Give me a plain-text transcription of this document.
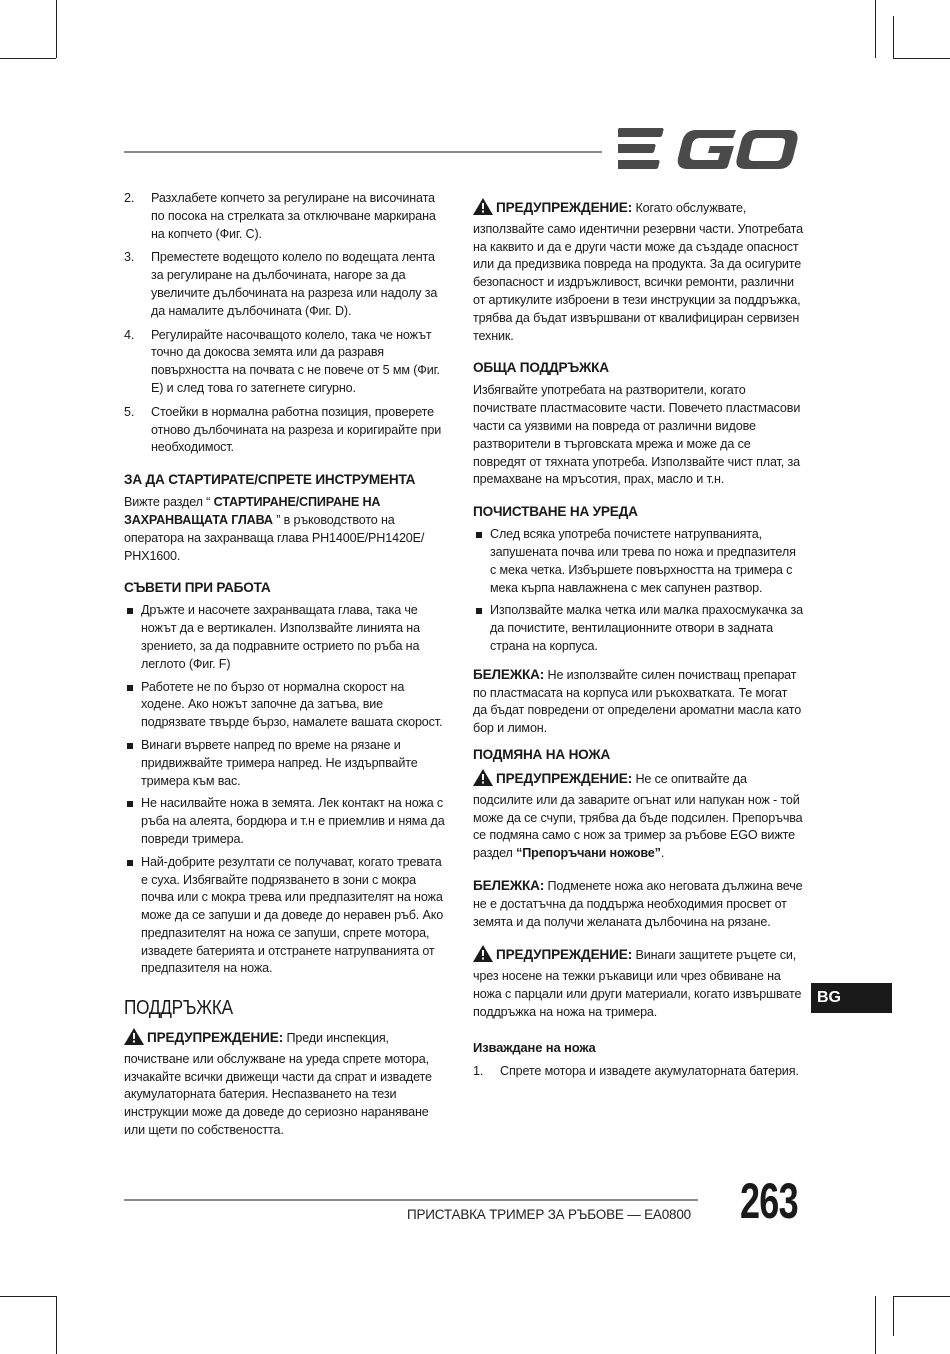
2. Разхлабете копчето за регулиране на височината по посока на стрелката за отключване маркирана на копчето (Фиг. C).
3. Преместете водещото колело по водещата лента за регулиране на дълбочината, нагоре за да увеличите дълбочината на разреза или надолу за да намалите дълбочината (Фиг. D).
4. Регулирайте насочващото колело, така че ножът точно да докосва земята или да разравя повърхността на почвата с не повече от 5 мм (Фиг. E) и след това го затегнете сигурно.
5. Стоейки в нормална работна позиция, проверете отново дълбочината на разреза и коригирайте при необходимост.
ЗА ДА СТАРТИРАТЕ/СПРЕТЕ ИНСТРУМЕНТА

Вижте раздел “ СТАРТИРАНЕ/СПИРАНЕ НА ЗАХРАНВАЩАТА ГЛАВА ” в ръководството на оператора на захранваща глава PH1400E/PH1420E/ PHX1600.

СЪВЕТИ ПРИ РАБОТА
Дръжте и насочете захранващата глава, така че ножът да е вертикален. Използвайте линията на зрението, за да подравните острието по ръба на леглото (Фиг. F)
Работете не по бързо от нормална скорост на ходене. Ако ножът започне да затъва, вие подрязвате твърде бързо, намалете вашата скорост.
Винаги вървете напред по време на рязане и придвижвайте тримера напред. Не издърпвайте тримера към вас.
Не насилвайте ножа в земята. Лек контакт на ножа с ръба на алеята, бордюра и т.н е приемлив и няма да повреди тримера.
Най-добрите резултати се получават, когато тревата е суха. Избягвайте подрязването в зони с мокра почва или с мокра трева или предпазителят на ножа може да се запуши и да доведе до неравен ръб. Ако предпазителят на ножа се запуши, спрете мотора, извадете батерията и отстранете натрупванията от предпазителя на ножа.
ПОДДРЪЖКА

ПРЕДУПРЕЖДЕНИЕ: Преди инспекция, почистване или обслужване на уреда спрете мотора, изчакайте всички движещи части да спрат и извадете акумулаторната батерия. Неспазването на тези инструкции може да доведе до сериозно нараняване или щети по собствеността.

ПРЕДУПРЕЖДЕНИЕ: Когато обслужвате, използвайте само идентични резервни части. Употребата на каквито и да е други части може да създаде опасност или да предизвика повреда на продукта. За да осигурите безопасност и издръжливост, всички ремонти, различни от артикулите изброени в тези инструкции за поддръжка, трябва да бъдат извършвани от квалифициран сервизен техник.

ОБЩА ПОДДРЪЖКА

Избягвайте употребата на разтворители, когато почиствате пластмасовите части. Повечето пластмасови части са уязвими на повреда от различни видове разтворители в търговската мрежа и може да се повредят от тяхната употреба. Използвайте чист плат, за премахване на мръсотия, прах, масло и т.н.

ПОЧИСТВАНЕ НА УРЕДА
След всяка употреба почистете натрупванията, запушената почва или трева по ножа и предпазителя с мека четка. Избършете повърхността на тримера с мека кърпа навлажнена с мек сапунен разтвор.
Използвайте малка четка или малка прахосмукачка за да почистите, вентилационните отвори в задната страна на корпуса.

БЕЛЕЖКА: Не използвайте силен почистващ препарат по пластмасата на корпуса или ръкохватката. Те могат да бъдат повредени от определени ароматни масла като бор и лимон.

ПОДМЯНА НА НОЖА

ПРЕДУПРЕЖДЕНИЕ: Не се опитвайте да подсилите или да заварите огънат или напукан нож - той може да се счупи, трябва да бъде подсилен. Препоръчва се подмяна само с нож за тример за ръбове EGO вижте раздел “Препоръчани ножове”.

БЕЛЕЖКА: Подменете ножа ако неговата дължина вече не е достатъчна да поддържа необходимия просвет от земята и да получи желаната дълбочина на рязане.

ПРЕДУПРЕЖДЕНИЕ: Винаги защитете ръцете си, чрез носене на тежки ръкавици или чрез обвиване на ножа с парцали или други материали, когато извършвате поддръжка на ножа на тримера.

Изваждане на ножа
1. Спрете мотора и извадете акумулаторната батерия.
BG
ПРИСТАВКА ТРИМЕР ЗА РЪБОВЕ — EA0800 263
